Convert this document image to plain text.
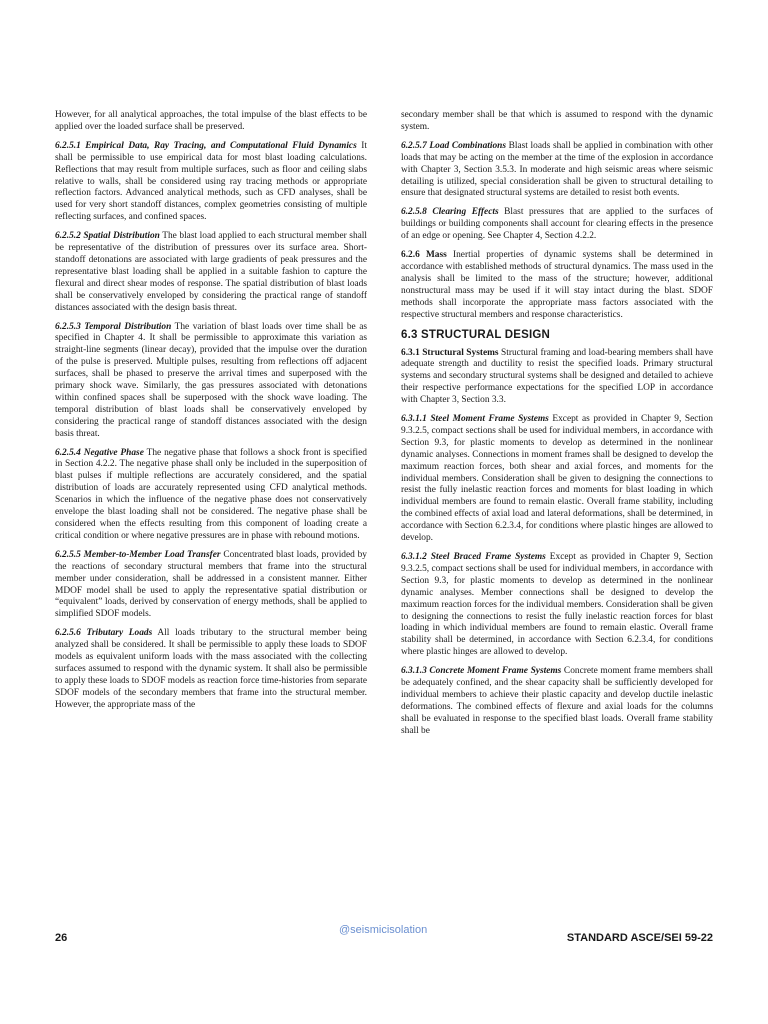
However, for all analytical approaches, the total impulse of the blast effects to be applied over the loaded surface shall be preserved.

6.2.5.1 Empirical Data, Ray Tracing, and Computational Fluid Dynamics It shall be permissible to use empirical data for most blast loading calculations. Reflections that may result from multiple surfaces, such as floor and ceiling slabs relative to walls, shall be considered using ray tracing methods or appropriate reflection factors. Advanced analytical methods, such as CFD analyses, shall be used for very short standoff distances, complex geometries consisting of multiple reflecting surfaces, and confined spaces.

6.2.5.2 Spatial Distribution The blast load applied to each structural member shall be representative of the distribution of pressures over its surface area. Short-standoff detonations are associated with large gradients of peak pressures and the representative blast loading shall be applied in a suitable fashion to capture the flexural and direct shear modes of response. The spatial distribution of blast loads shall be conservatively enveloped by considering the practical range of standoff distances associated with the design basis threat.

6.2.5.3 Temporal Distribution The variation of blast loads over time shall be as specified in Chapter 4. It shall be permissible to approximate this variation as straight-line segments (linear decay), provided that the impulse over the duration of the pulse is preserved. Multiple pulses, resulting from reflections off adjacent surfaces, shall be phased to preserve the arrival times and superposed with the primary shock wave. Similarly, the gas pressures associated with detonations within confined spaces shall be superposed with the shock wave loading. The temporal distribution of blast loads shall be conservatively enveloped by considering the practical range of standoff distances associated with the design basis threat.

6.2.5.4 Negative Phase The negative phase that follows a shock front is specified in Section 4.2.2. The negative phase shall only be included in the superposition of blast pulses if multiple reflections are accurately considered, and the spatial distribution of loads are accurately represented using CFD analytical methods. Scenarios in which the influence of the negative phase does not conservatively envelope the blast loading shall not be considered. The negative phase shall be considered when the effects resulting from this component of loading create a critical condition or where negative pressures are in phase with rebound motions.

6.2.5.5 Member-to-Member Load Transfer Concentrated blast loads, provided by the reactions of secondary structural members that frame into the structural member under consideration, shall be addressed in a consistent manner. Either MDOF model shall be used to apply the representative spatial distribution or “equivalent” loads, derived by conservation of energy methods, shall be applied to simplified SDOF models.

6.2.5.6 Tributary Loads All loads tributary to the structural member being analyzed shall be considered. It shall be permissible to apply these loads to SDOF models as equivalent uniform loads with the mass associated with the collecting surfaces assumed to respond with the dynamic system. It shall also be permissible to apply these loads to SDOF models as reaction force time-histories from separate SDOF models of the secondary members that frame into the structural member. However, the appropriate mass of the

secondary member shall be that which is assumed to respond with the dynamic system.

6.2.5.7 Load Combinations Blast loads shall be applied in combination with other loads that may be acting on the member at the time of the explosion in accordance with Chapter 3, Section 3.5.3. In moderate and high seismic areas where seismic detailing is utilized, special consideration shall be given to structural detailing to ensure that designated structural systems are detailed to resist both events.

6.2.5.8 Clearing Effects Blast pressures that are applied to the surfaces of buildings or building components shall account for clearing effects in the presence of an edge or opening. See Chapter 4, Section 4.2.2.

6.2.6 Mass Inertial properties of dynamic systems shall be determined in accordance with established methods of structural dynamics. The mass used in the analysis shall be limited to the mass of the structure; however, additional nonstructural mass may be used if it will stay intact during the blast. SDOF methods shall incorporate the appropriate mass factors associated with the respective structural members and response characteristics.

6.3 STRUCTURAL DESIGN

6.3.1 Structural Systems Structural framing and load-bearing members shall have adequate strength and ductility to resist the specified loads. Primary structural systems and secondary structural systems shall be designed and detailed to achieve their respective performance expectations for the specified LOP in accordance with Chapter 3, Section 3.3.

6.3.1.1 Steel Moment Frame Systems Except as provided in Chapter 9, Section 9.3.2.5, compact sections shall be used for individual members, in accordance with Section 9.3, for plastic moments to develop as determined in the nonlinear dynamic analyses. Connections in moment frames shall be designed to develop the maximum reaction forces, both shear and axial forces, and moments for the individual members. Consideration shall be given to designing the connections to resist the fully inelastic reaction forces and moments for blast loading in which individual members are found to remain elastic. Overall frame stability, including the combined effects of axial load and lateral deformations, shall be determined, in accordance with Section 6.2.3.4, for conditions where plastic hinges are allowed to develop.

6.3.1.2 Steel Braced Frame Systems Except as provided in Chapter 9, Section 9.3.2.5, compact sections shall be used for individual members, in accordance with Section 9.3, for plastic moments to develop as determined in the nonlinear dynamic analyses. Member connections shall be designed to develop the maximum reaction forces for the individual members. Consideration shall be given to designing the connections to resist the fully inelastic reaction forces for blast loading in which individual members are found to remain elastic. Overall frame stability shall be determined, in accordance with Section 6.2.3.4, for conditions where plastic hinges are allowed to develop.

6.3.1.3 Concrete Moment Frame Systems Concrete moment frame members shall be adequately confined, and the shear capacity shall be sufficiently developed for individual members to achieve their plastic capacity and develop ductile inelastic deformations. The combined effects of flexure and axial loads for the columns shall be evaluated in response to the specified blast loads. Overall frame stability shall be

26
@seismicisolation
STANDARD ASCE/SEI 59-22
